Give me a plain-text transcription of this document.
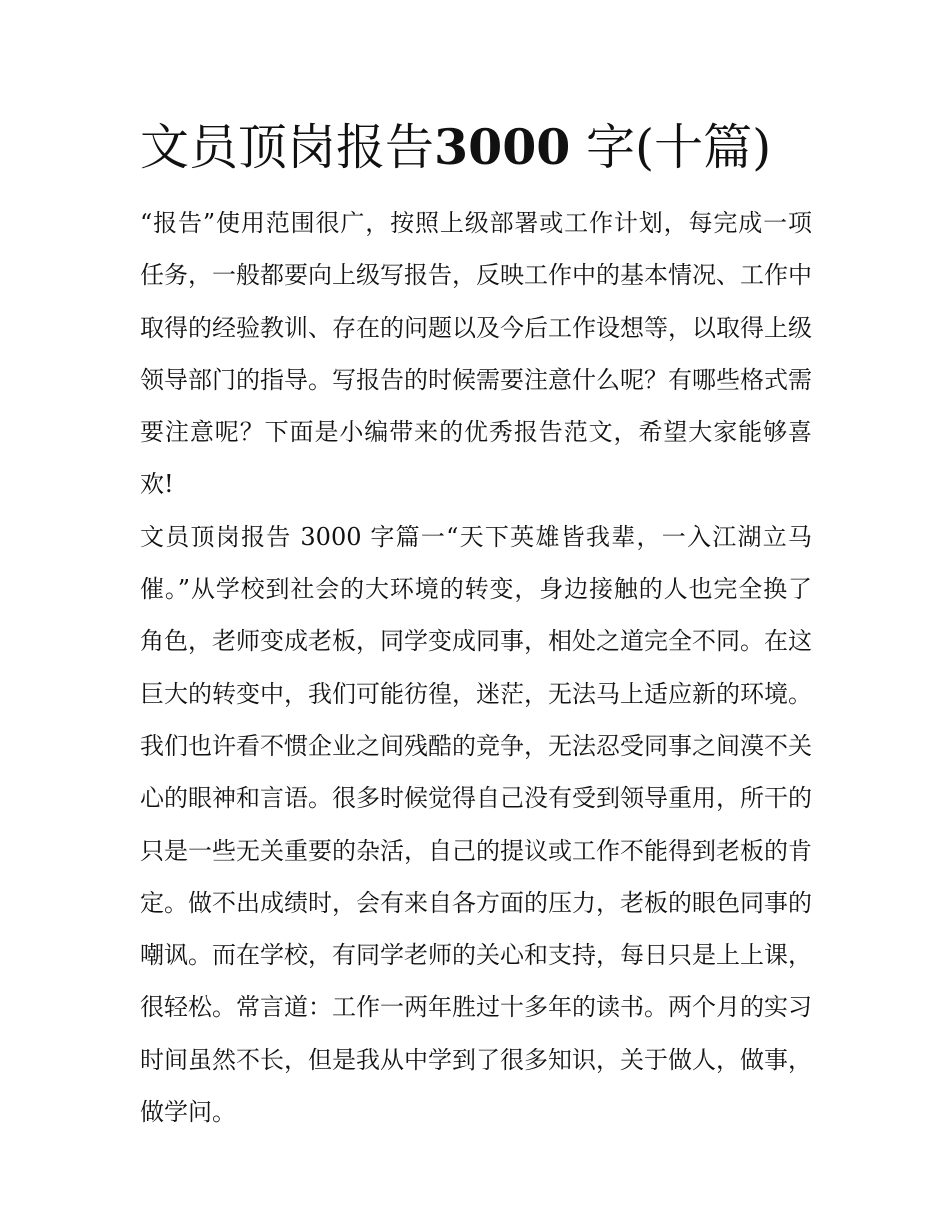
文员顶岗报告3000 字(十篇)

“报告”使用范围很广，按照上级部署或工作计划，每完成一项任务，一般都要向上级写报告，反映工作中的基本情况、工作中取得的经验教训、存在的问题以及今后工作设想等，以取得上级领导部门的指导。写报告的时候需要注意什么呢？有哪些格式需要注意呢？下面是小编带来的优秀报告范文，希望大家能够喜欢!

文员顶岗报告 3000 字篇一“天下英雄皆我辈，一入江湖立马催。”从学校到社会的大环境的转变，身边接触的人也完全换了角色，老师变成老板，同学变成同事，相处之道完全不同。在这巨大的转变中，我们可能彷徨，迷茫，无法马上适应新的环境。我们也许看不惯企业之间残酷的竞争，无法忍受同事之间漠不关心的眼神和言语。很多时候觉得自己没有受到领导重用，所干的只是一些无关重要的杂活，自己的提议或工作不能得到老板的肯定。做不出成绩时，会有来自各方面的压力，老板的眼色同事的嘲讽。而在学校，有同学老师的关心和支持，每日只是上上课，很轻松。常言道：工作一两年胜过十多年的读书。两个月的实习时间虽然不长，但是我从中学到了很多知识，关于做人，做事，做学问。
